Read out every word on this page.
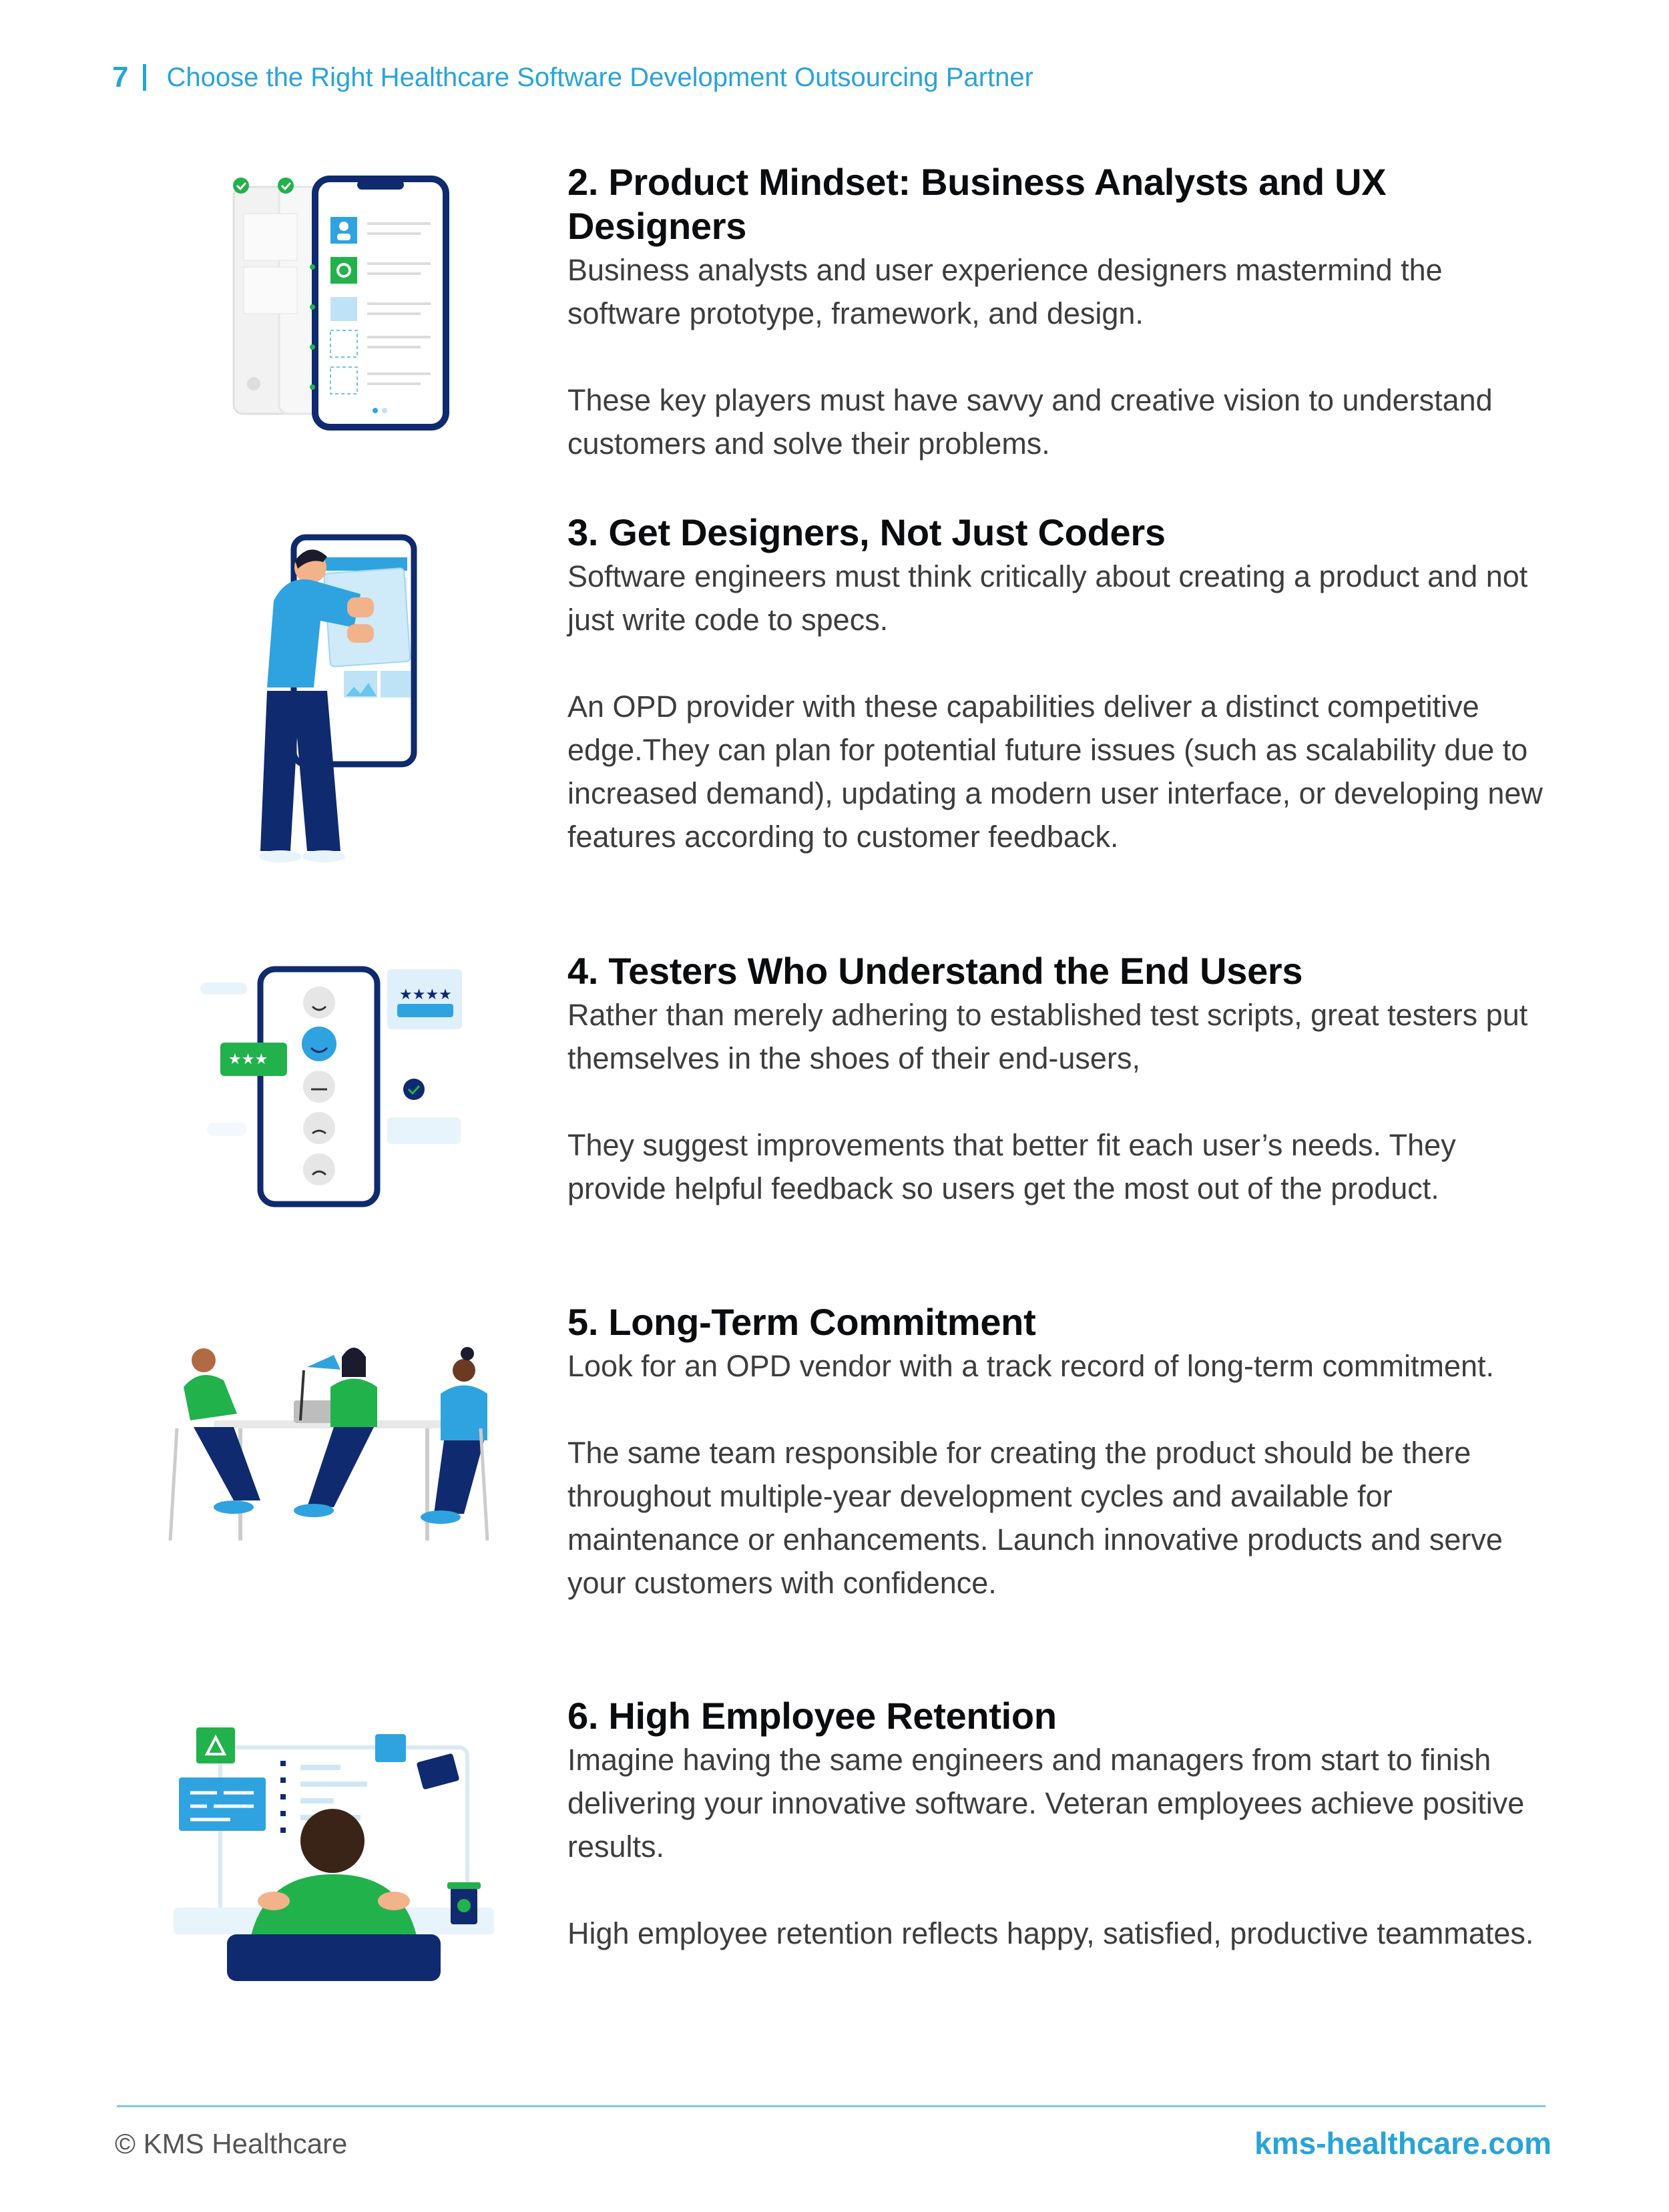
7 Choose the Right Healthcare Software Development Outsourcing Partner
2. Product Mindset: Business Analysts and UX Designers

Business analysts and user experience designers mastermind the software prototype, framework, and design.

These key players must have savvy and creative vision to understand customers and solve their problems.

3. Get Designers, Not Just Coders

Software engineers must think critically about creating a product and not just write code to specs.

An OPD provider with these capabilities deliver a distinct competitive edge.They can plan for potential future issues (such as scalability due to increased demand), updating a modern user interface, or developing new features according to customer feedback.

★★★★
★★★
4. Testers Who Understand the End Users

Rather than merely adhering to established test scripts, great testers put themselves in the shoes of their end-users,

They suggest improvements that better fit each user’s needs. They provide helpful feedback so users get the most out of the product.

5. Long-Term Commitment

Look for an OPD vendor with a track record of long-term commitment.

The same team responsible for creating the product should be there throughout multiple-year development cycles and available for maintenance or enhancements. Launch innovative products and serve your customers with confidence.

6. High Employee Retention

Imagine having the same engineers and managers from start to finish delivering your innovative software. Veteran employees achieve positive results.

High employee retention reflects happy, satisfied, productive teammates.

© KMS Healthcare	kms-healthcare.com
